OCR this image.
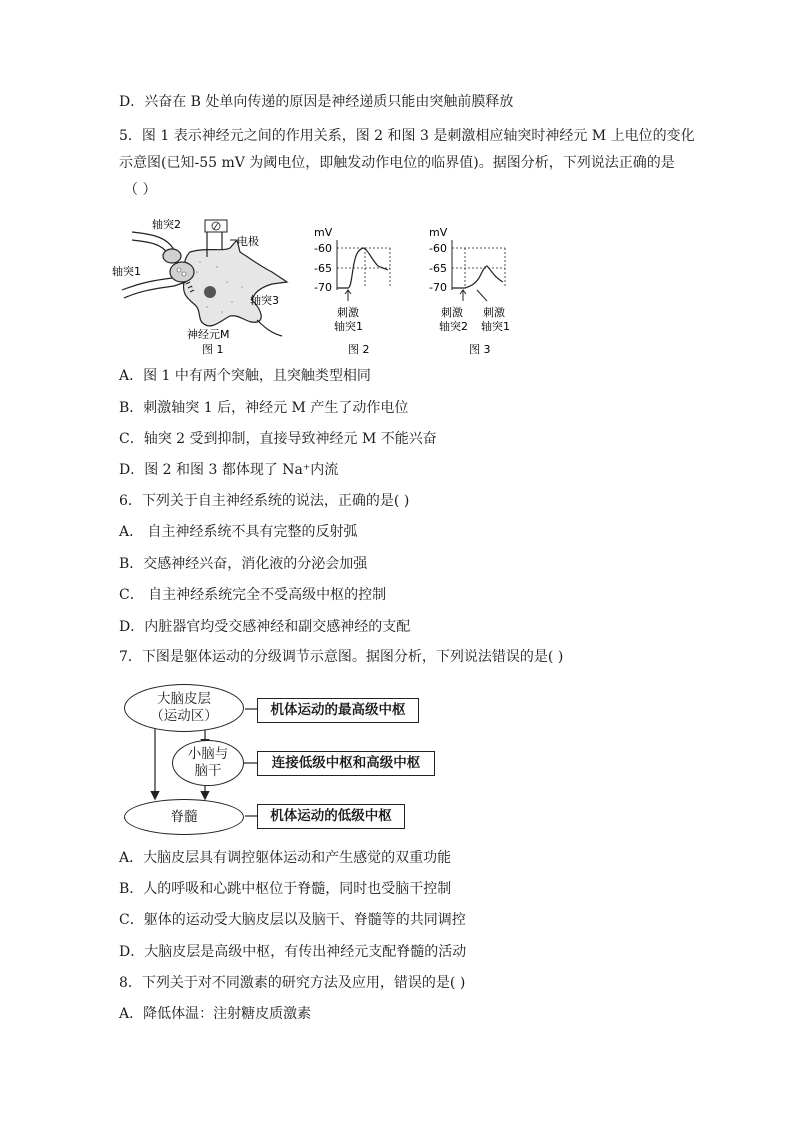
D．兴奋在 B 处单向传递的原因是神经递质只能由突触前膜释放
5．图 1 表示神经元之间的作用关系，图 2 和图 3 是刺激相应轴突时神经元 M 上电位的变化
示意图(已知-55 mV 为阈电位，即触发动作电位的临界值)。据图分析，下列说法正确的是
（ ）
轴突2
轴突1
电极
轴突3
神经元M
图 1
mV
-60
-65
-70
刺激
轴突1
图 2
mV
-60
-65
-70
刺激
轴突2
刺激
轴突1
图 3
A．图 1 中有两个突触，且突触类型相同
B．刺激轴突 1 后，神经元 M 产生了动作电位
C．轴突 2 受到抑制，直接导致神经元 M 不能兴奋
D．图 2 和图 3 都体现了 Na⁺内流
6．下列关于自主神经系统的说法，正确的是( )
A． 自主神经系统不具有完整的反射弧
B．交感神经兴奋，消化液的分泌会加强
C． 自主神经系统完全不受高级中枢的控制
D．内脏器官均受交感神经和副交感神经的支配
7．下图是躯体运动的分级调节示意图。据图分析，下列说法错误的是( )
大脑皮层
（运动区）
小脑与
脑干
脊髓
机体运动的最高级中枢
连接低级中枢和高级中枢
机体运动的低级中枢
A．大脑皮层具有调控躯体运动和产生感觉的双重功能
B．人的呼吸和心跳中枢位于脊髓，同时也受脑干控制
C．躯体的运动受大脑皮层以及脑干、脊髓等的共同调控
D．大脑皮层是高级中枢，有传出神经元支配脊髓的活动
8．下列关于对不同激素的研究方法及应用，错误的是( )
A．降低体温：注射糖皮质激素
